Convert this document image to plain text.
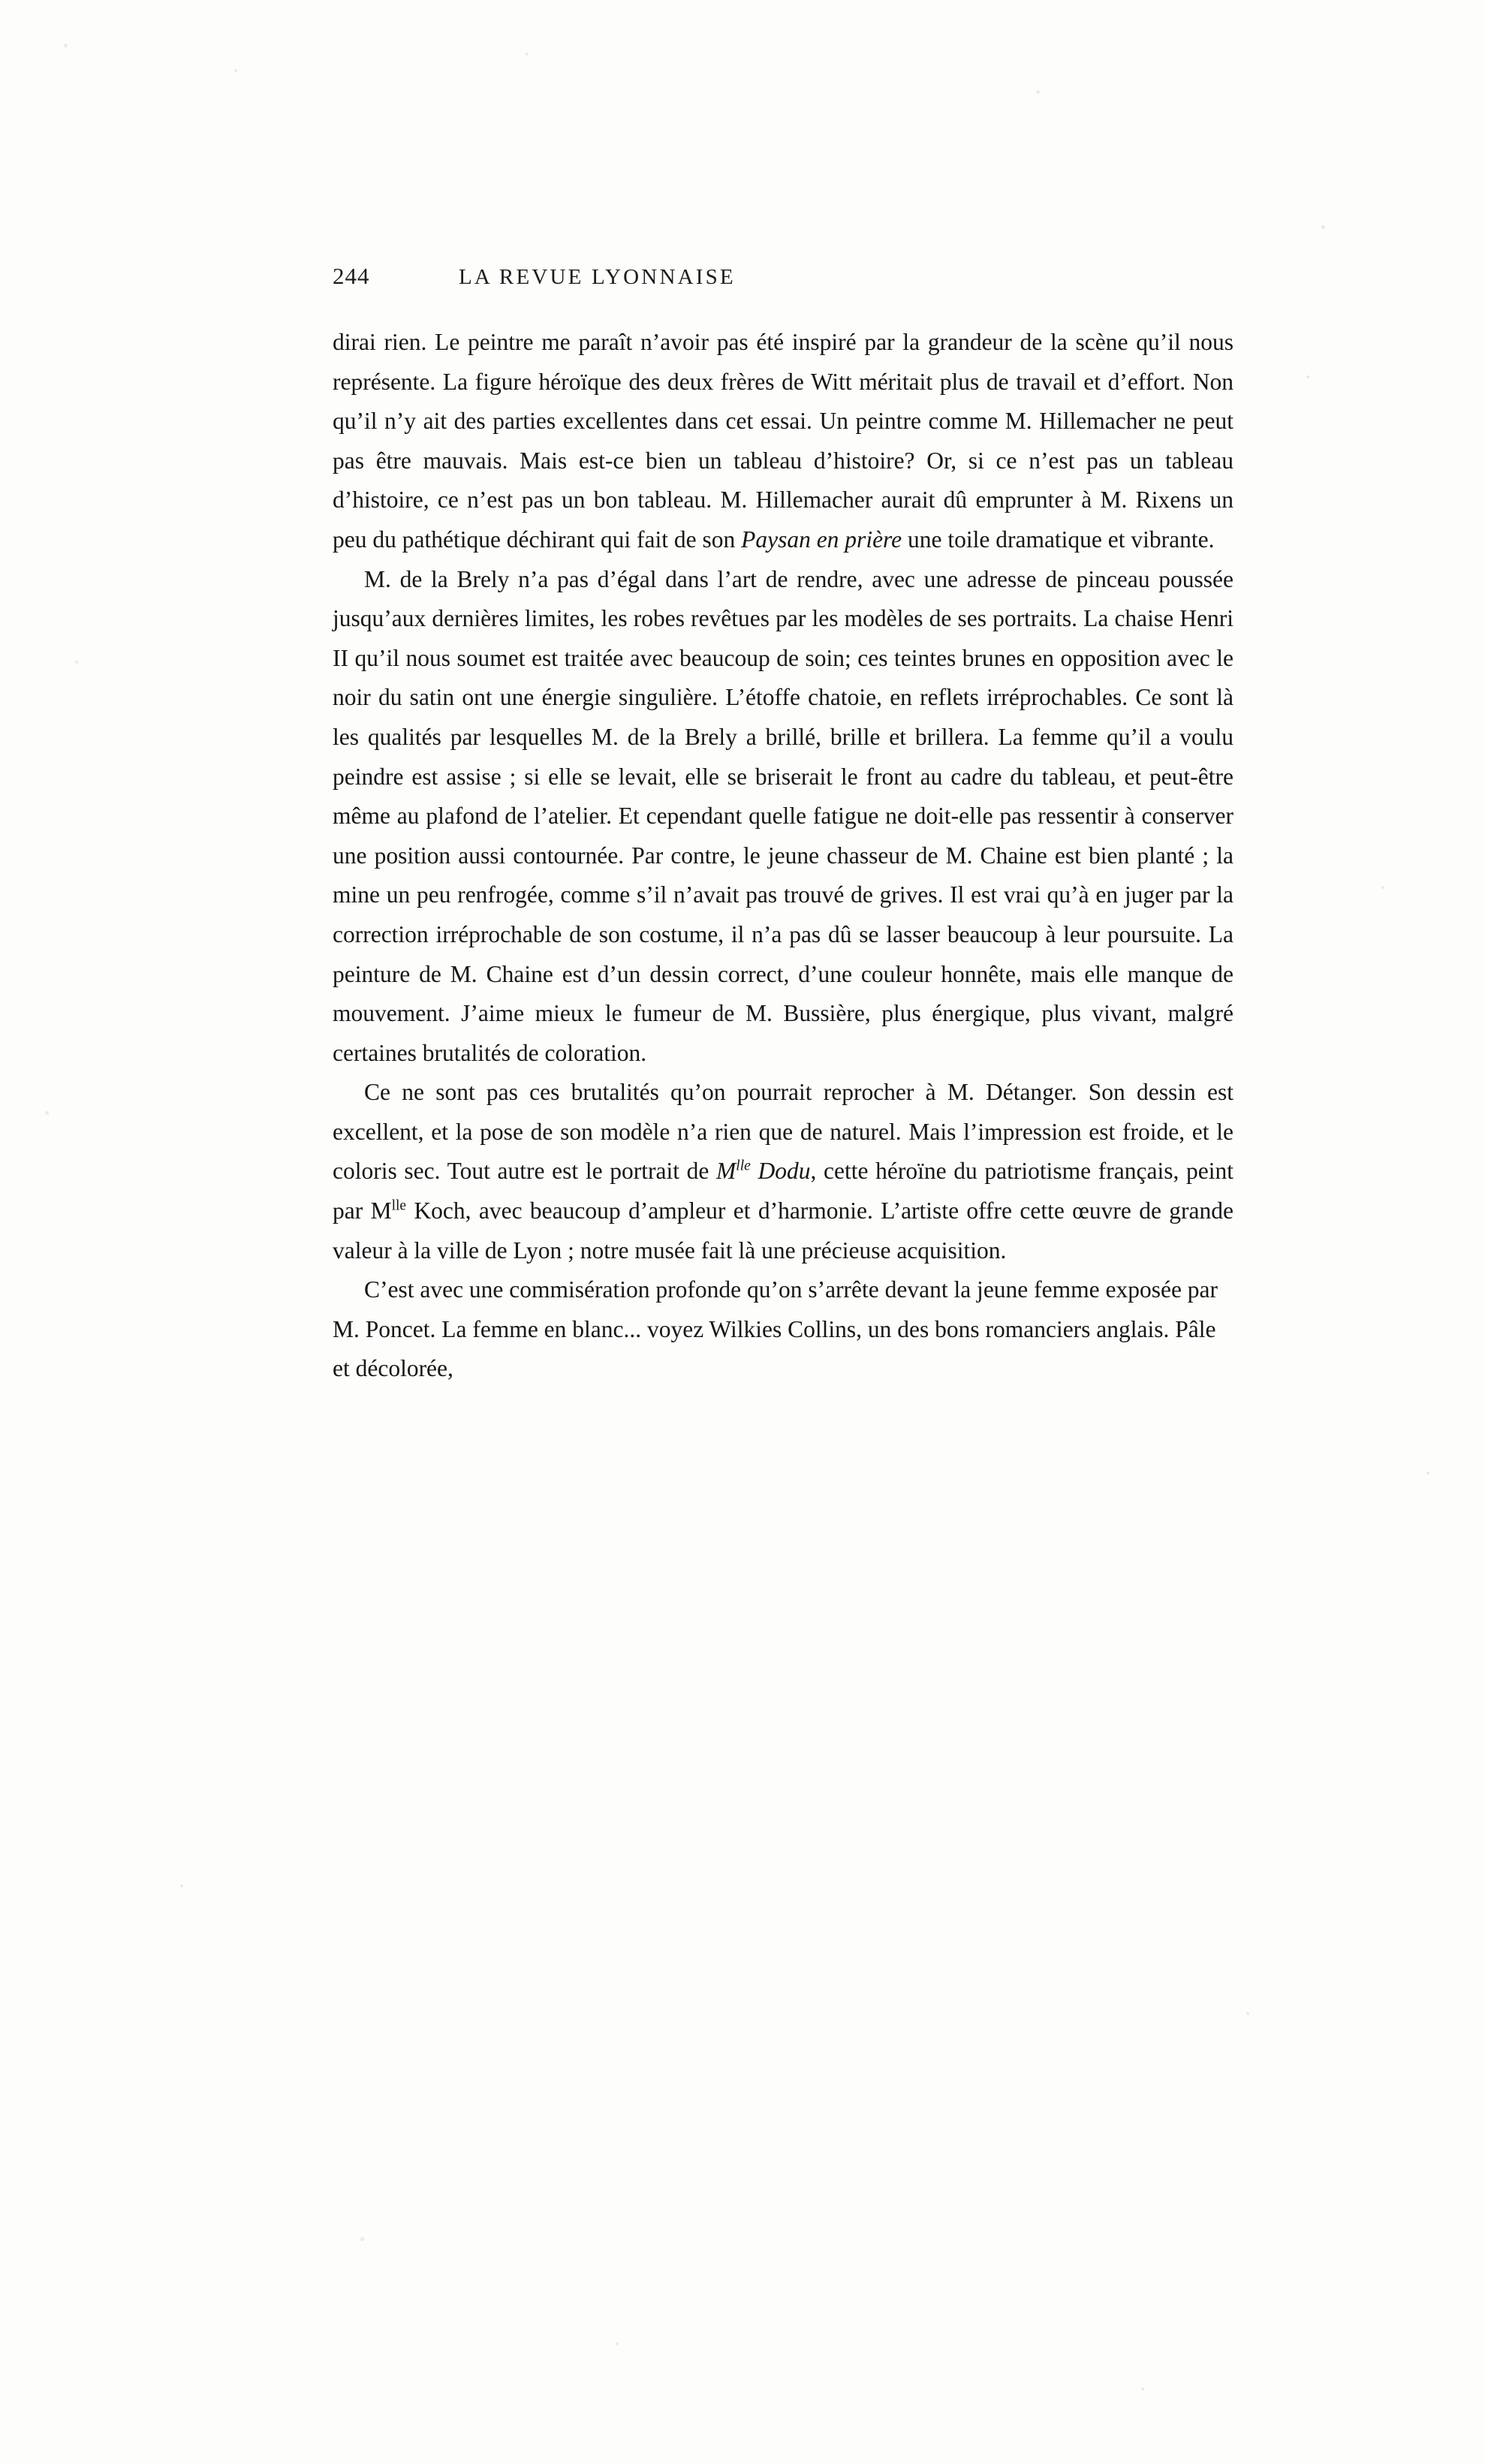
244	LA REVUE LYONNAISE

dirai rien. Le peintre me paraît n’avoir pas été inspiré par la grandeur de la scène qu’il nous représente. La figure héroïque des deux frères de Witt méritait plus de travail et d’effort. Non qu’il n’y ait des parties excellentes dans cet essai. Un peintre comme M. Hillemacher ne peut pas être mauvais. Mais est-ce bien un tableau d’histoire? Or, si ce n’est pas un tableau d’histoire, ce n’est pas un bon tableau. M. Hillemacher aurait dû emprunter à M. Rixens un peu du pathétique déchirant qui fait de son Paysan en prière une toile dramatique et vibrante.

M. de la Brely n’a pas d’égal dans l’art de rendre, avec une adresse de pinceau poussée jusqu’aux dernières limites, les robes revêtues par les modèles de ses portraits. La chaise Henri II qu’il nous soumet est traitée avec beaucoup de soin; ces teintes brunes en opposition avec le noir du satin ont une énergie singulière. L’étoffe chatoie, en reflets irréprochables. Ce sont là les qualités par lesquelles M. de la Brely a brillé, brille et brillera. La femme qu’il a voulu peindre est assise ; si elle se levait, elle se briserait le front au cadre du tableau, et peut-être même au plafond de l’atelier. Et cependant quelle fatigue ne doit-elle pas ressentir à conserver une position aussi contournée. Par contre, le jeune chasseur de M. Chaine est bien planté ; la mine un peu renfrogée, comme s’il n’avait pas trouvé de grives. Il est vrai qu’à en juger par la correction irréprochable de son costume, il n’a pas dû se lasser beaucoup à leur poursuite. La peinture de M. Chaine est d’un dessin correct, d’une couleur honnête, mais elle manque de mouvement. J’aime mieux le fumeur de M. Bussière, plus énergique, plus vivant, malgré certaines brutalités de coloration.

Ce ne sont pas ces brutalités qu’on pourrait reprocher à M. Détanger. Son dessin est excellent, et la pose de son modèle n’a rien que de naturel. Mais l’impression est froide, et le coloris sec. Tout autre est le portrait de $M^{lle}$ Dodu, cette héroïne du patriotisme français, peint par $M^{lle}$ Koch, avec beaucoup d’ampleur et d’harmonie. L’artiste offre cette œuvre de grande valeur à la ville de Lyon ; notre musée fait là une précieuse acquisition.

C’est avec une commisération profonde qu’on s’arrête devant la jeune femme exposée par M. Poncet. La femme en blanc... voyez Wilkies Collins, un des bons romanciers anglais. Pâle et décolorée,
